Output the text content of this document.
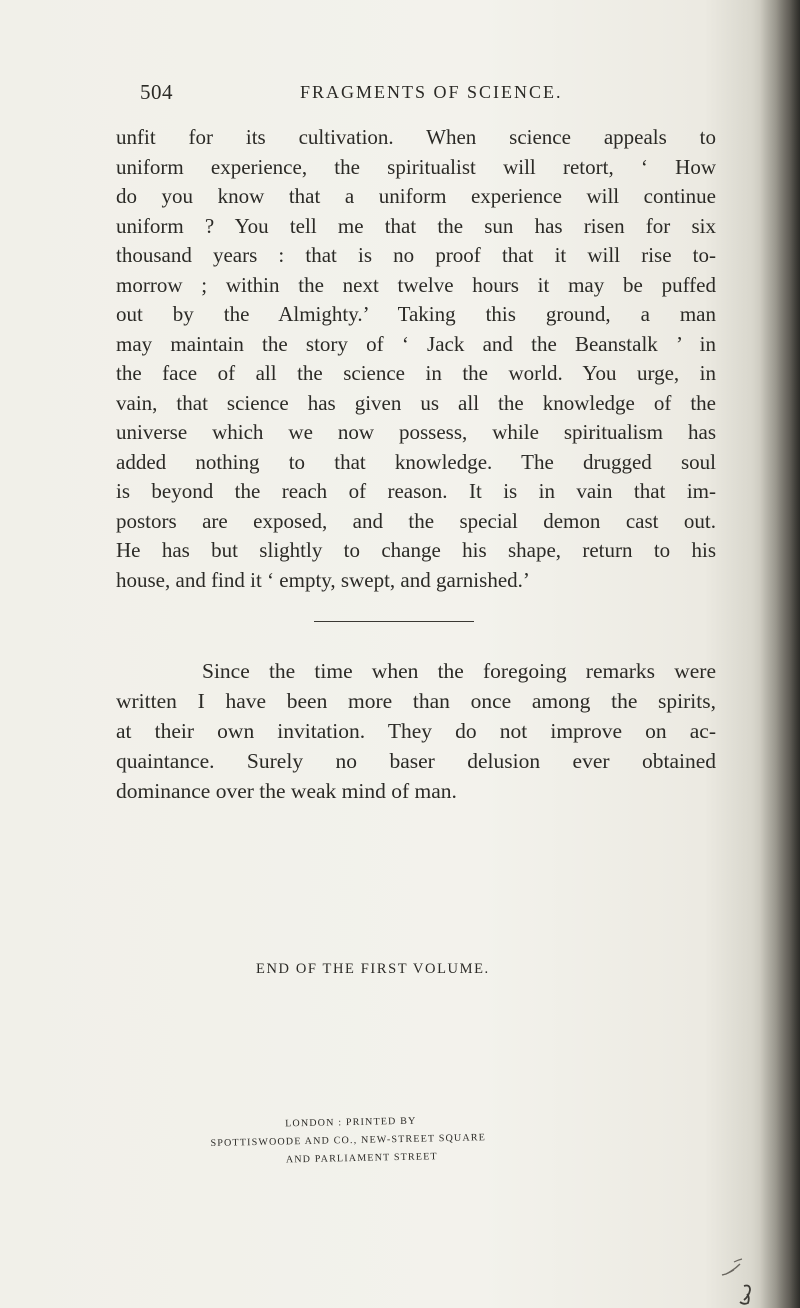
504	FRAGMENTS OF SCIENCE.
unfit for its cultivation. When science appeals to
uniform experience, the spiritualist will retort, ‘ How
do you know that a uniform experience will continue
uniform ? You tell me that the sun has risen for six
thousand years : that is no proof that it will rise to-
morrow ; within the next twelve hours it may be puffed
out by the Almighty.’ Taking this ground, a man
may maintain the story of ‘ Jack and the Beanstalk ’ in
the face of all the science in the world. You urge, in
vain, that science has given us all the knowledge of the
universe which we now possess, while spiritualism has
added nothing to that knowledge. The drugged soul
is beyond the reach of reason. It is in vain that im-
postors are exposed, and the special demon cast out.
He has but slightly to change his shape, return to his
house, and find it ‘ empty, swept, and garnished.’
Since the time when the foregoing remarks were
written I have been more than once among the spirits,
at their own invitation. They do not improve on ac-
quaintance. Surely no baser delusion ever obtained
dominance over the weak mind of man.
END OF THE FIRST VOLUME.
LONDON : PRINTED BY
SPOTTISWOODE AND CO., NEW-STREET SQUARE
AND PARLIAMENT STREET
